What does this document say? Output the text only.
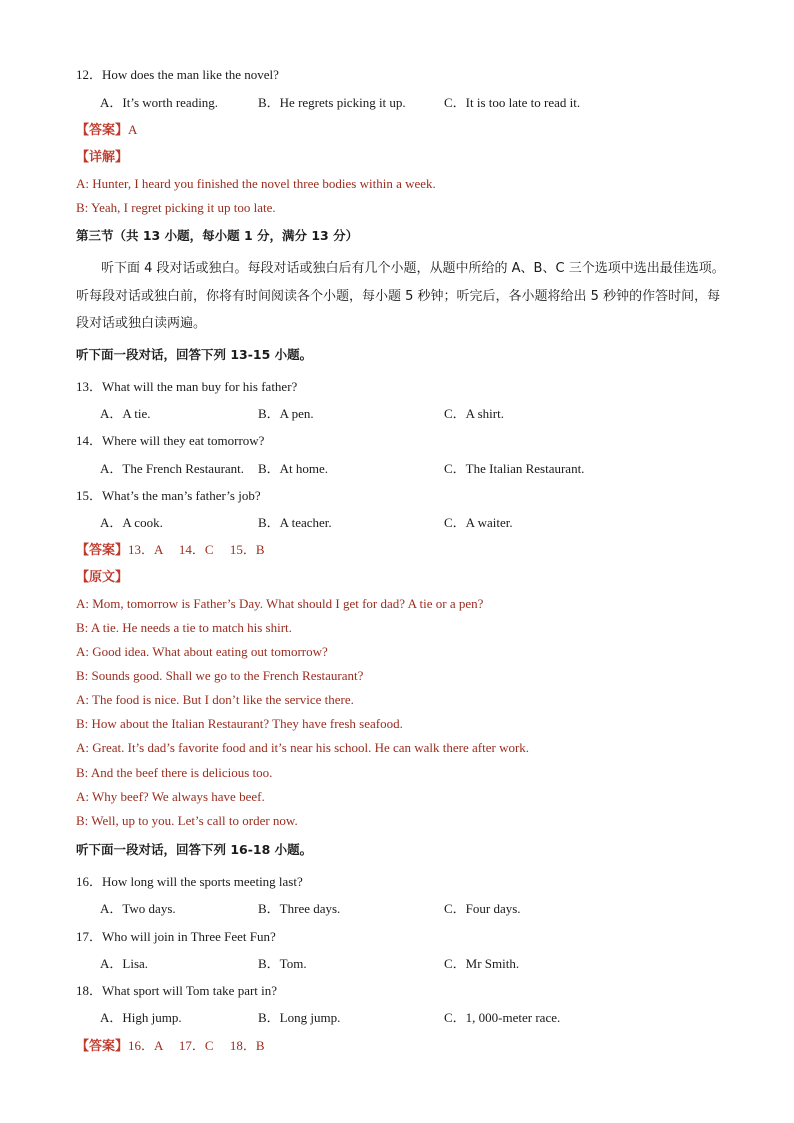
12．How does the man like the novel?
A．It’s worth reading.	B．He regrets picking it up.	C．It is too late to read it.
【答案】A
【详解】
A: Hunter, I heard you finished the novel three bodies within a week.
B: Yeah, I regret picking it up too late.
第三节（共 13 小题，每小题 1 分，满分 13 分）
听下面 4 段对话或独白。每段对话或独白后有几个小题，从题中所给的 A、B、C 三个选项中选出最佳选项。听每段对话或独白前，你将有时间阅读各个小题，每小题 5 秒钟；听完后，各小题将给出 5 秒钟的作答时间，每段对话或独白读两遍。
听下面一段对话，回答下列 13-15 小题。
13．What will the man buy for his father?
A．A tie.	B．A pen.	C．A shirt.
14．Where will they eat tomorrow?
A．The French Restaurant. B．At home.	C．The Italian Restaurant.
15．What’s the man’s father’s job?
A．A cook.	B．A teacher.	C．A waiter.
【答案】13．A　 14．C　 15．B
【原文】
A: Mom, tomorrow is Father’s Day. What should I get for dad? A tie or a pen?
B: A tie. He needs a tie to match his shirt.
A: Good idea. What about eating out tomorrow?
B: Sounds good. Shall we go to the French Restaurant?
A: The food is nice. But I don’t like the service there.
B: How about the Italian Restaurant? They have fresh seafood.
A: Great. It’s dad’s favorite food and it’s near his school. He can walk there after work.
B: And the beef there is delicious too.
A: Why beef? We always have beef.
B: Well, up to you. Let’s call to order now.
听下面一段对话，回答下列 16-18 小题。
16．How long will the sports meeting last?
A．Two days.	B．Three days.	C．Four days.
17．Who will join in Three Feet Fun?
A．Lisa.	B．Tom.	C．Mr Smith.
18．What sport will Tom take part in?
A．High jump.	B．Long jump.	C．1, 000-meter race.
【答案】16．A　 17．C　 18．B
